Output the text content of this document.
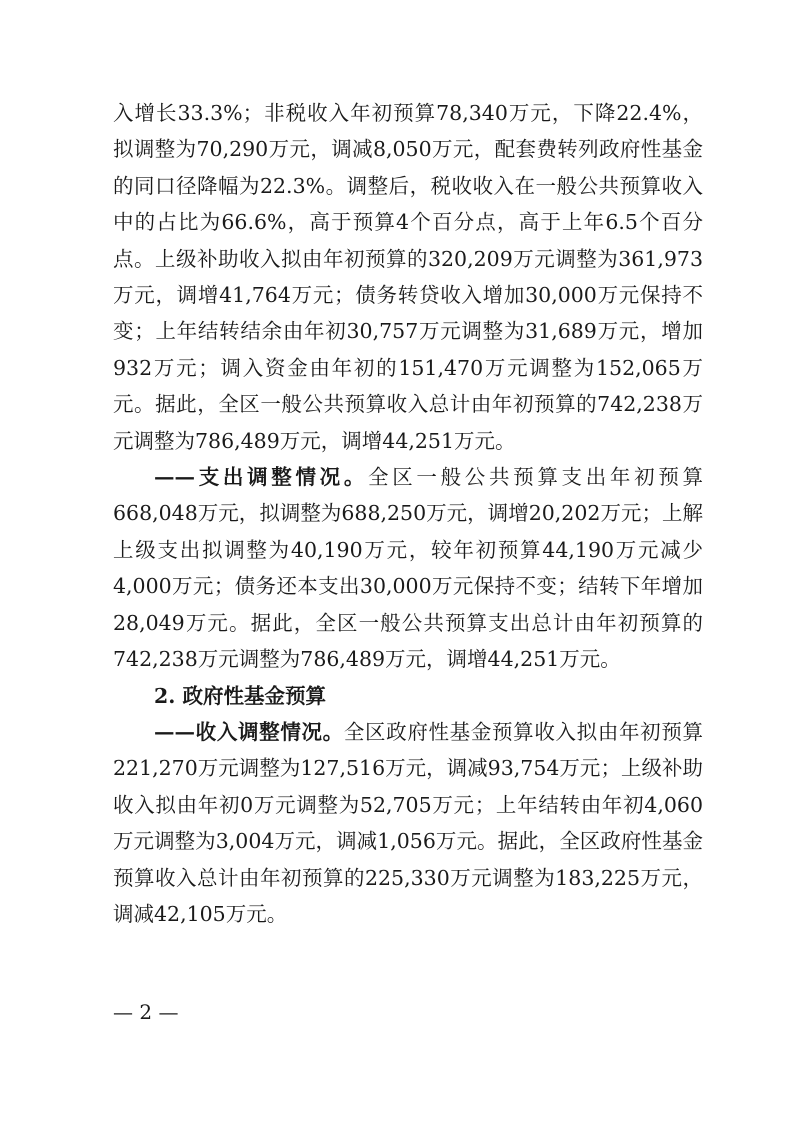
入增长33.3%；非税收入年初预算78,340万元，下降22.4%，拟调整为70,290万元，调减8,050万元，配套费转列政府性基金的同口径降幅为22.3%。调整后，税收收入在一般公共预算收入中的占比为66.6%，高于预算4个百分点，高于上年6.5个百分点。上级补助收入拟由年初预算的320,209万元调整为361,973万元，调增41,764万元；债务转贷收入增加30,000万元保持不变；上年结转结余由年初30,757万元调整为31,689万元，增加932万元；调入资金由年初的151,470万元调整为152,065万元。据此，全区一般公共预算收入总计由年初预算的742,238万元调整为786,489万元，调增44,251万元。

——支出调整情况。全区一般公共预算支出年初预算668,048万元，拟调整为688,250万元，调增20,202万元；上解上级支出拟调整为40,190万元，较年初预算44,190万元减少4,000万元；债务还本支出30,000万元保持不变；结转下年增加28,049万元。据此，全区一般公共预算支出总计由年初预算的742,238万元调整为786,489万元，调增44,251万元。

2. 政府性基金预算

——收入调整情况。全区政府性基金预算收入拟由年初预算221,270万元调整为127,516万元，调减93,754万元；上级补助收入拟由年初0万元调整为52,705万元；上年结转由年初4,060万元调整为3,004万元，调减1,056万元。据此，全区政府性基金预算收入总计由年初预算的225,330万元调整为183,225万元，调减42,105万元。

— 2 —
